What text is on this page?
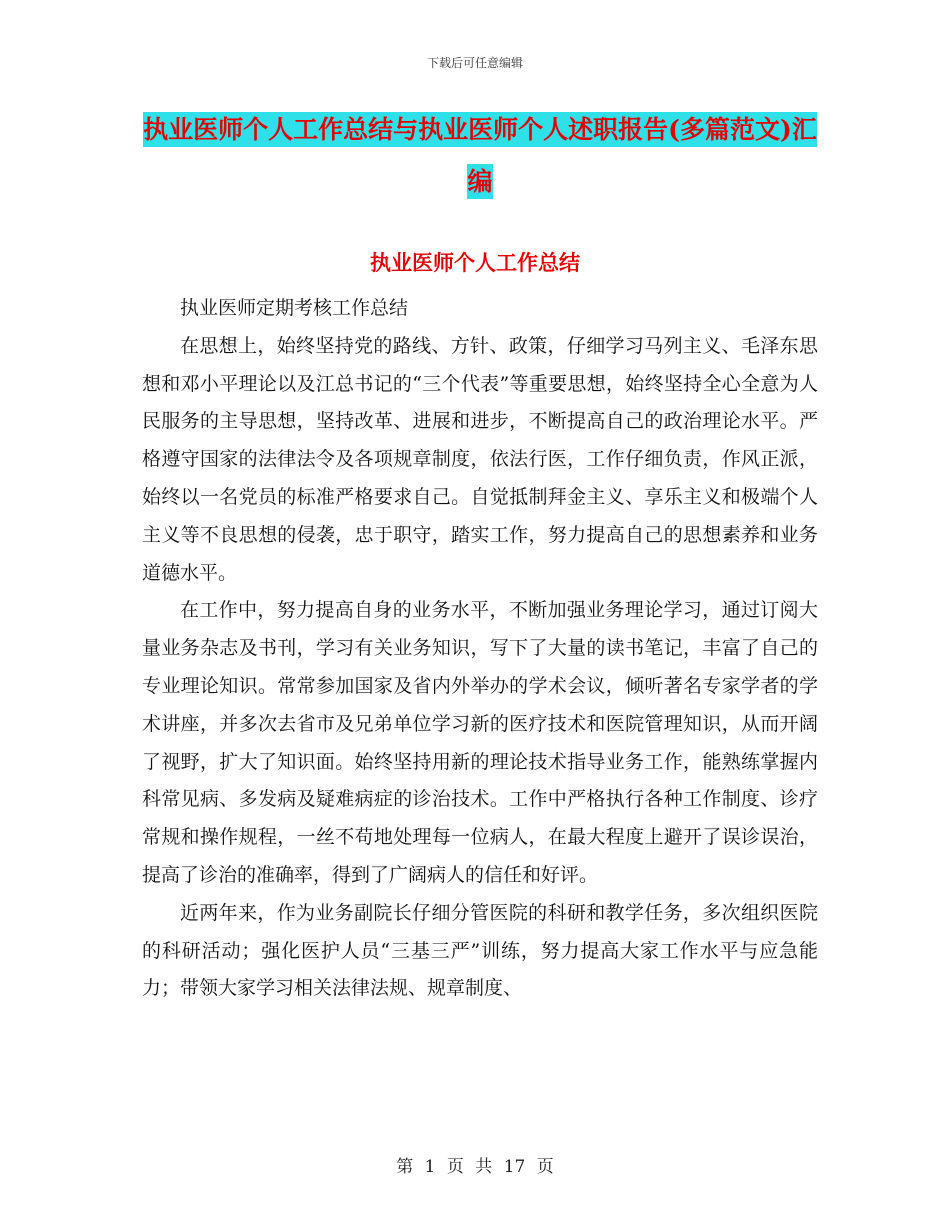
下载后可任意编辑
执业医师个人工作总结与执业医师个人述职报告(多篇范文)汇编
执业医师个人工作总结

执业医师定期考核工作总结

在思想上，始终坚持党的路线、方针、政策，仔细学习马列主义、毛泽东思想和邓小平理论以及江总书记的“三个代表”等重要思想，始终坚持全心全意为人民服务的主导思想，坚持改革、进展和进步，不断提高自己的政治理论水平。严格遵守国家的法律法令及各项规章制度，依法行医，工作仔细负责，作风正派，始终以一名党员的标准严格要求自己。自觉抵制拜金主义、享乐主义和极端个人主义等不良思想的侵袭，忠于职守，踏实工作，努力提高自己的思想素养和业务道德水平。

在工作中，努力提高自身的业务水平，不断加强业务理论学习，通过订阅大量业务杂志及书刊，学习有关业务知识，写下了大量的读书笔记，丰富了自己的专业理论知识。常常参加国家及省内外举办的学术会议，倾听著名专家学者的学术讲座，并多次去省市及兄弟单位学习新的医疗技术和医院管理知识，从而开阔了视野，扩大了知识面。始终坚持用新的理论技术指导业务工作，能熟练掌握内科常见病、多发病及疑难病症的诊治技术。工作中严格执行各种工作制度、诊疗常规和操作规程，一丝不苟地处理每一位病人，在最大程度上避开了误诊误治，提高了诊治的准确率，得到了广阔病人的信任和好评。

近两年来，作为业务副院长仔细分管医院的科研和教学任务，多次组织医院的科研活动；强化医护人员“三基三严”训练，努力提高大家工作水平与应急能力；带领大家学习相关法律法规、规章制度、

第 1 页 共 17 页
